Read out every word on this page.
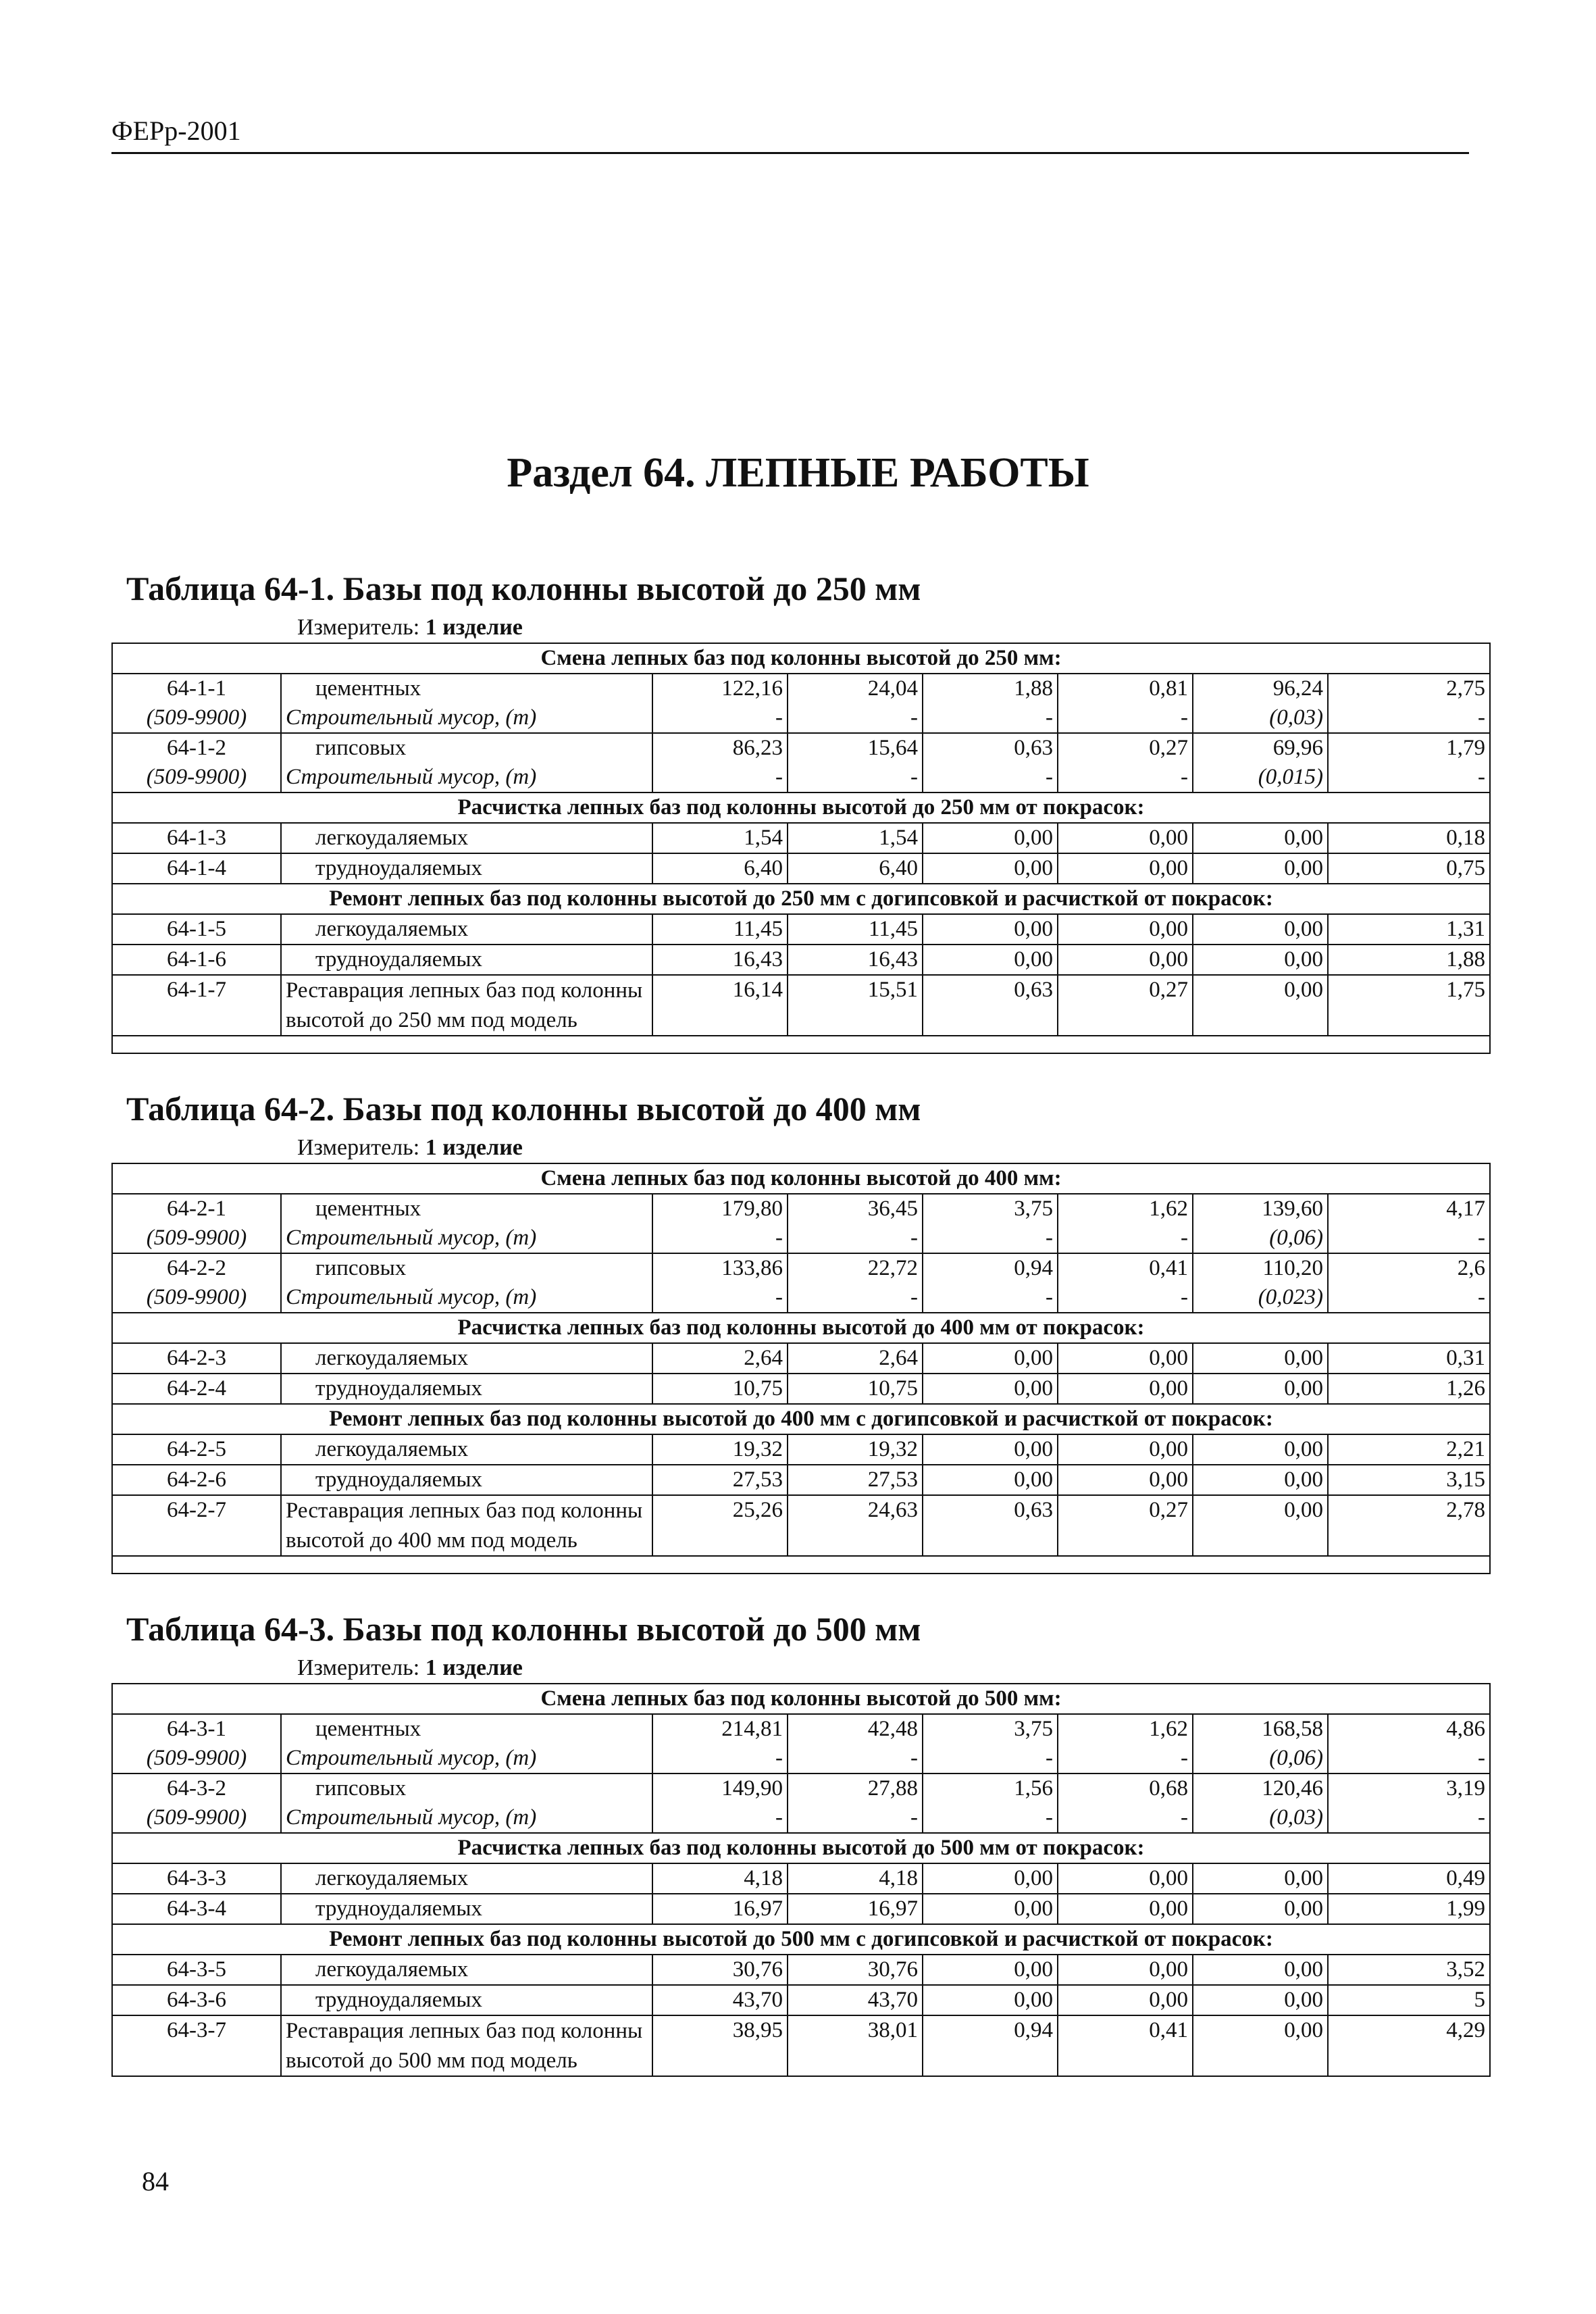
ФЕРр-2001
Раздел 64. ЛЕПНЫЕ РАБОТЫ
Таблица 64-1. Базы под колонны высотой до 250 мм
Измеритель: 1 изделие
Смена лепных баз под колонны высотой до 250 мм:							
64-1-1	цементных	122,16	24,04	1,88	0,81	96,24	2,75
(509-9900)	Строительный мусор, (т)	-	-	-	-	(0,03)	-
64-1-2	гипсовых	86,23	15,64	0,63	0,27	69,96	1,79
(509-9900)	Строительный мусор, (т)	-	-	-	-	(0,015)	-
Расчистка лепных баз под колонны высотой до 250 мм от покрасок:							
64-1-3	легкоудаляемых	1,54	1,54	0,00	0,00	0,00	0,18
64-1-4	трудноудаляемых	6,40	6,40	0,00	0,00	0,00	0,75
Ремонт лепных баз под колонны высотой до 250 мм с догипсовкой и расчисткой от покрасок:							
64-1-5	легкоудаляемых	11,45	11,45	0,00	0,00	0,00	1,31
64-1-6	трудноудаляемых	16,43	16,43	0,00	0,00	0,00	1,88
64-1-7	Реставрация лепных баз под колонны высотой до 250 мм под модель	16,14	15,51	0,63	0,27	0,00	1,75

Таблица 64-2. Базы под колонны высотой до 400 мм
Измеритель: 1 изделие
Смена лепных баз под колонны высотой до 400 мм:							
64-2-1	цементных	179,80	36,45	3,75	1,62	139,60	4,17
(509-9900)	Строительный мусор, (т)	-	-	-	-	(0,06)	-
64-2-2	гипсовых	133,86	22,72	0,94	0,41	110,20	2,6
(509-9900)	Строительный мусор, (т)	-	-	-	-	(0,023)	-
Расчистка лепных баз под колонны высотой до 400 мм от покрасок:							
64-2-3	легкоудаляемых	2,64	2,64	0,00	0,00	0,00	0,31
64-2-4	трудноудаляемых	10,75	10,75	0,00	0,00	0,00	1,26
Ремонт лепных баз под колонны высотой до 400 мм с догипсовкой и расчисткой от покрасок:							
64-2-5	легкоудаляемых	19,32	19,32	0,00	0,00	0,00	2,21
64-2-6	трудноудаляемых	27,53	27,53	0,00	0,00	0,00	3,15
64-2-7	Реставрация лепных баз под колонны высотой до 400 мм под модель	25,26	24,63	0,63	0,27	0,00	2,78

Таблица 64-3. Базы под колонны высотой до 500 мм
Измеритель: 1 изделие
Смена лепных баз под колонны высотой до 500 мм:							
64-3-1	цементных	214,81	42,48	3,75	1,62	168,58	4,86
(509-9900)	Строительный мусор, (т)	-	-	-	-	(0,06)	-
64-3-2	гипсовых	149,90	27,88	1,56	0,68	120,46	3,19
(509-9900)	Строительный мусор, (т)	-	-	-	-	(0,03)	-
Расчистка лепных баз под колонны высотой до 500 мм от покрасок:							
64-3-3	легкоудаляемых	4,18	4,18	0,00	0,00	0,00	0,49
64-3-4	трудноудаляемых	16,97	16,97	0,00	0,00	0,00	1,99
Ремонт лепных баз под колонны высотой до 500 мм с догипсовкой и расчисткой от покрасок:							
64-3-5	легкоудаляемых	30,76	30,76	0,00	0,00	0,00	3,52
64-3-6	трудноудаляемых	43,70	43,70	0,00	0,00	0,00	5
64-3-7	Реставрация лепных баз под колонны высотой до 500 мм под модель	38,95	38,01	0,94	0,41	0,00	4,29
84
